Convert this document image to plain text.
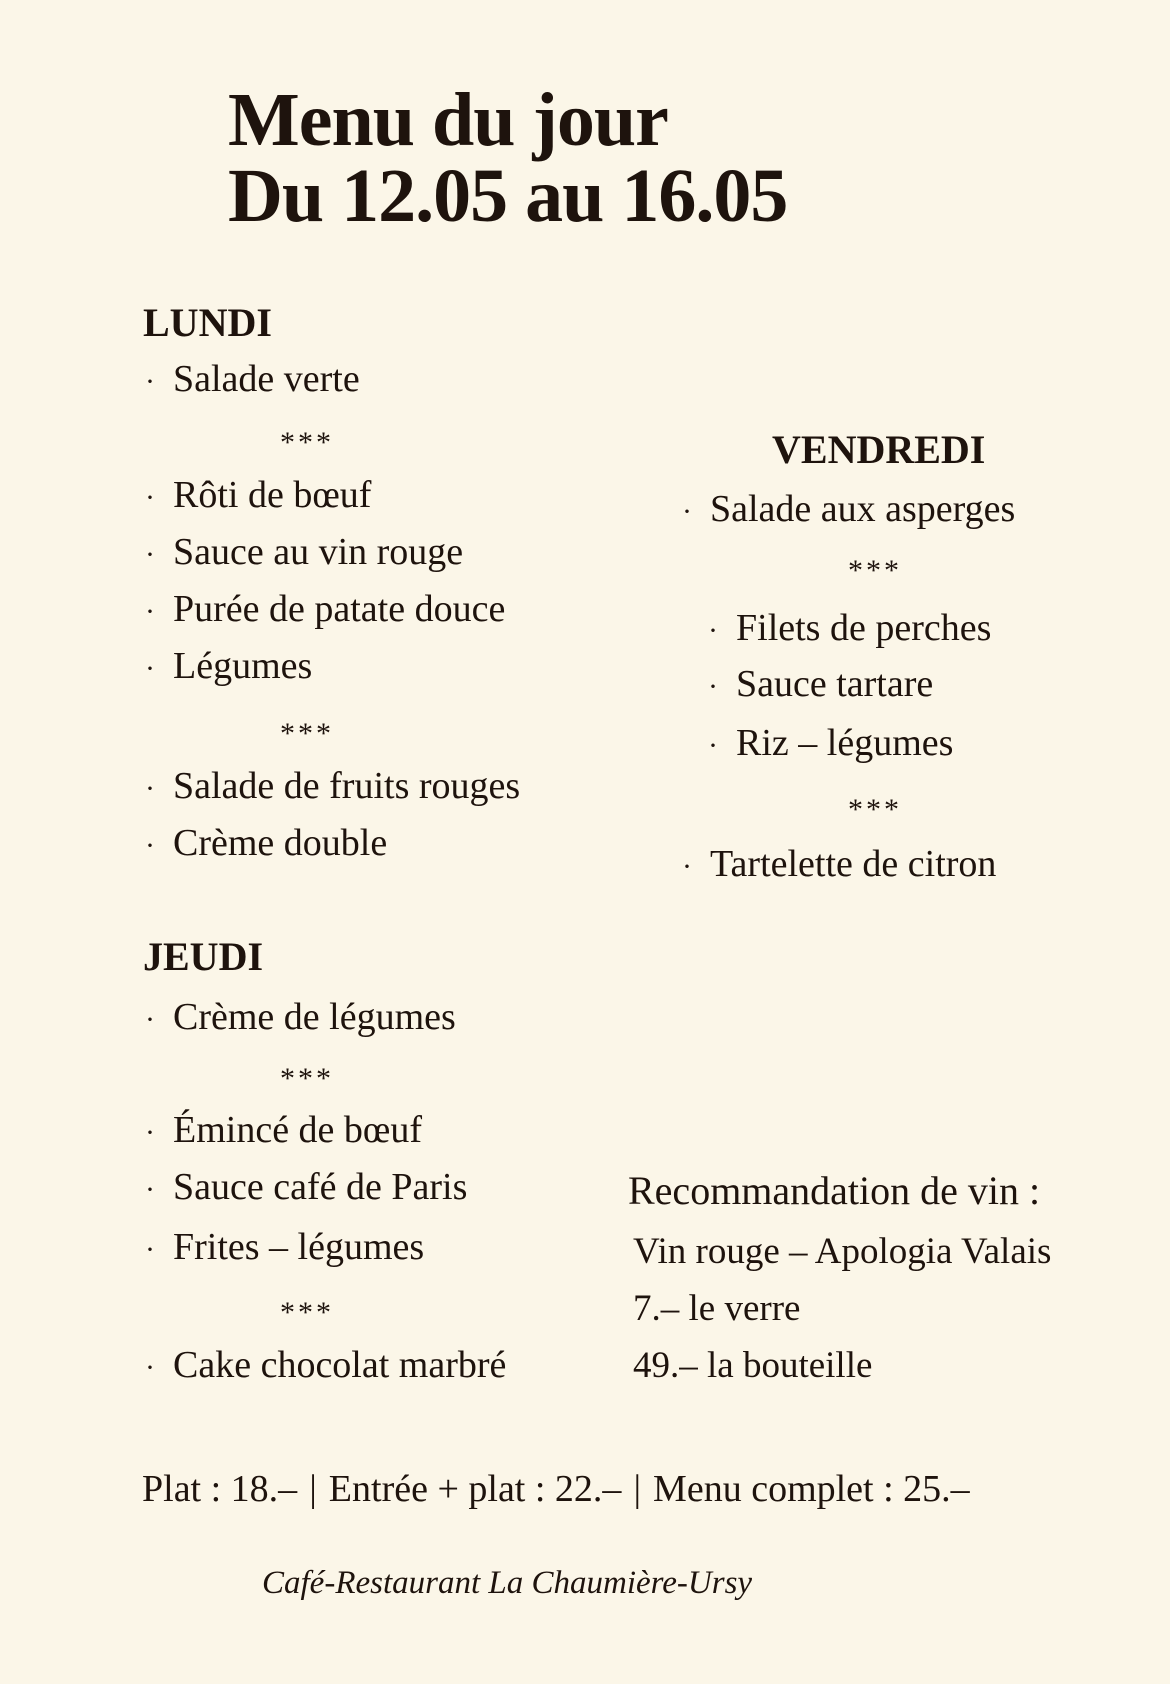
Menu du jour
Du 12.05 au 16.05
LUNDI
· Salade verte
***
· Rôti de bœuf
· Sauce au vin rouge
· Purée de patate douce
· Légumes
***
· Salade de fruits rouges
· Crème double
JEUDI
· Crème de légumes
***
· Émincé de bœuf
· Sauce café de Paris
· Frites – légumes
***
· Cake chocolat marbré
VENDREDI
· Salade aux asperges
***
· Filets de perches
· Sauce tartare
· Riz – légumes
***
· Tartelette de citron
Recommandation de vin :
Vin rouge – Apologia Valais
7.– le verre
49.– la bouteille
Plat : 18.– | Entrée + plat : 22.– | Menu complet : 25.–
Café-Restaurant La Chaumière-Ursy
